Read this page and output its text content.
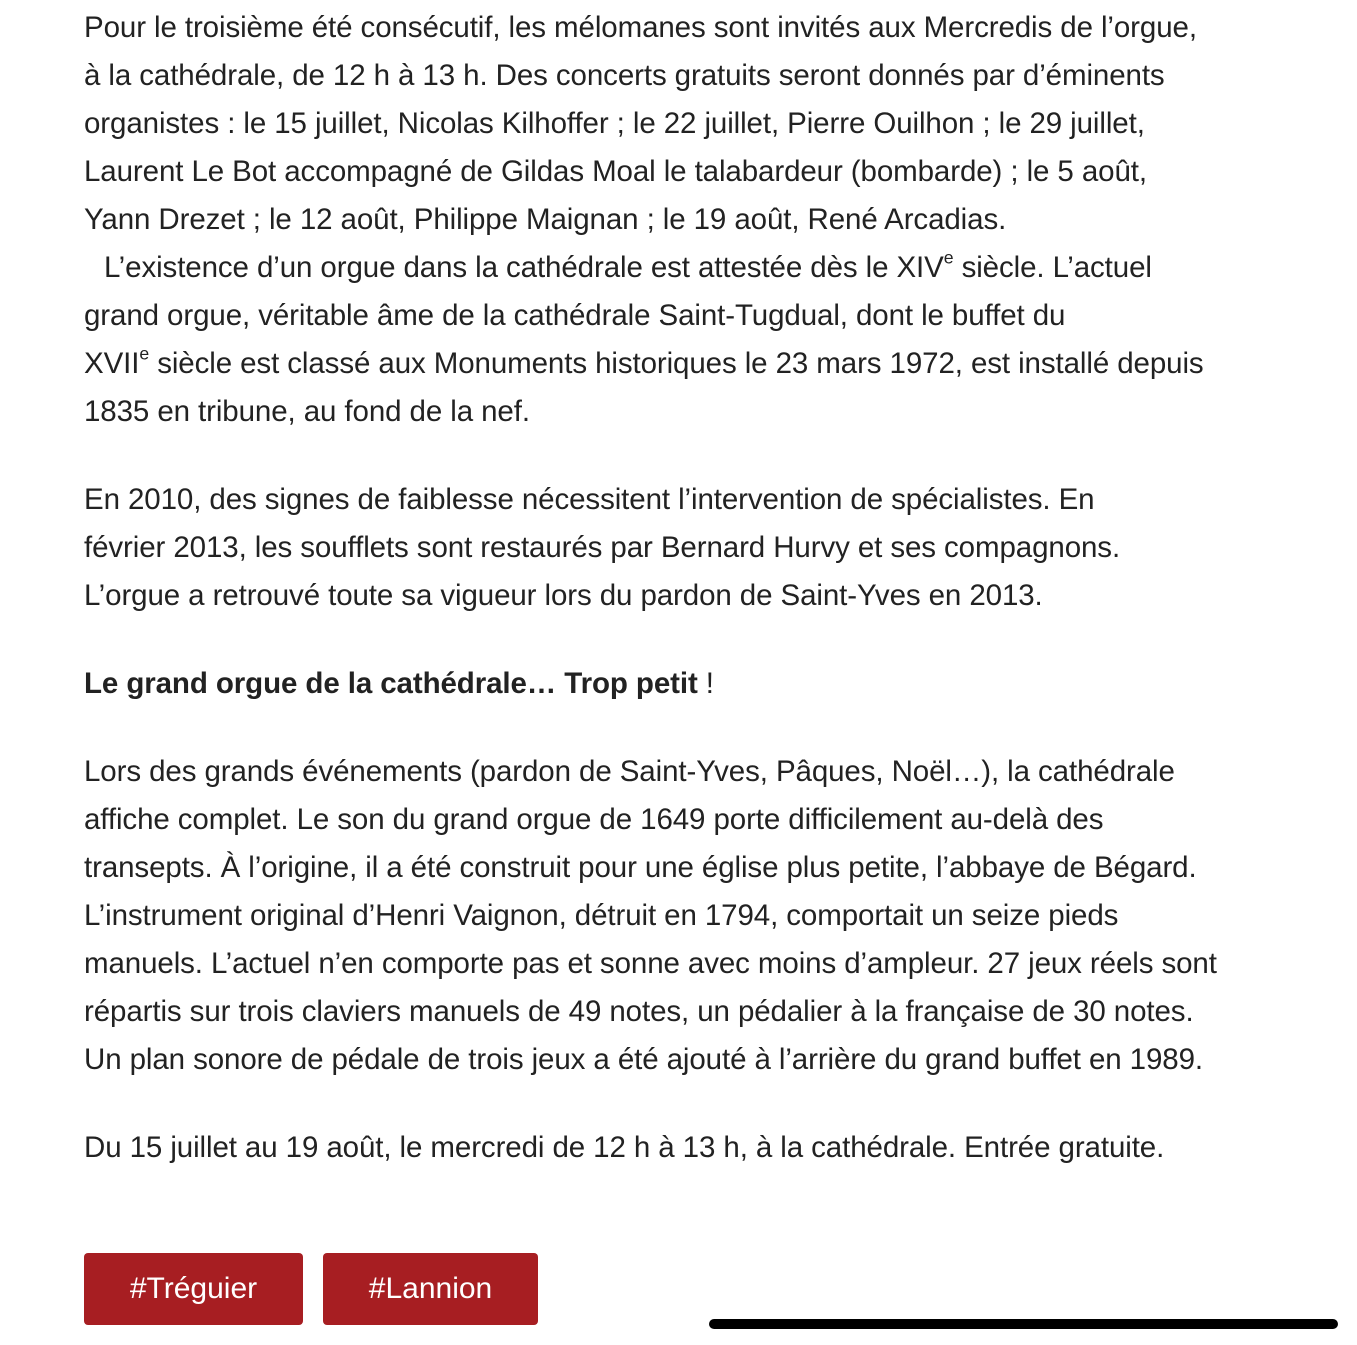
Pour le troisième été consécutif, les mélomanes sont invités aux Mercredis de l’orgue,
à la cathédrale, de 12 h à 13 h. Des concerts gratuits seront donnés par d’éminents
organistes : le 15 juillet, Nicolas Kilhoffer ; le 22 juillet, Pierre Ouilhon ; le 29 juillet,
Laurent Le Bot accompagné de Gildas Moal le talabardeur (bombarde) ; le 5 août,
Yann Drezet ; le 12 août, Philippe Maignan ; le 19 août, René Arcadias.
L’existence d’un orgue dans la cathédrale est attestée dès le XIVe siècle. L’actuel
grand orgue, véritable âme de la cathédrale Saint-Tugdual, dont le buffet du
XVIIe siècle est classé aux Monuments historiques le 23 mars 1972, est installé depuis
1835 en tribune, au fond de la nef.

En 2010, des signes de faiblesse nécessitent l’intervention de spécialistes. En
février 2013, les soufflets sont restaurés par Bernard Hurvy et ses compagnons.
L’orgue a retrouvé toute sa vigueur lors du pardon de Saint-Yves en 2013.

Le grand orgue de la cathédrale… Trop petit !

Lors des grands événements (pardon de Saint-Yves, Pâques, Noël…), la cathédrale
affiche complet. Le son du grand orgue de 1649 porte difficilement au-delà des
transepts. À l’origine, il a été construit pour une église plus petite, l’abbaye de Bégard.
L’instrument original d’Henri Vaignon, détruit en 1794, comportait un seize pieds
manuels. L’actuel n’en comporte pas et sonne avec moins d’ampleur. 27 jeux réels sont
répartis sur trois claviers manuels de 49 notes, un pédalier à la française de 30 notes.
Un plan sonore de pédale de trois jeux a été ajouté à l’arrière du grand buffet en 1989.

Du 15 juillet au 19 août, le mercredi de 12 h à 13 h, à la cathédrale. Entrée gratuite.

#Tréguier	#Lannion
